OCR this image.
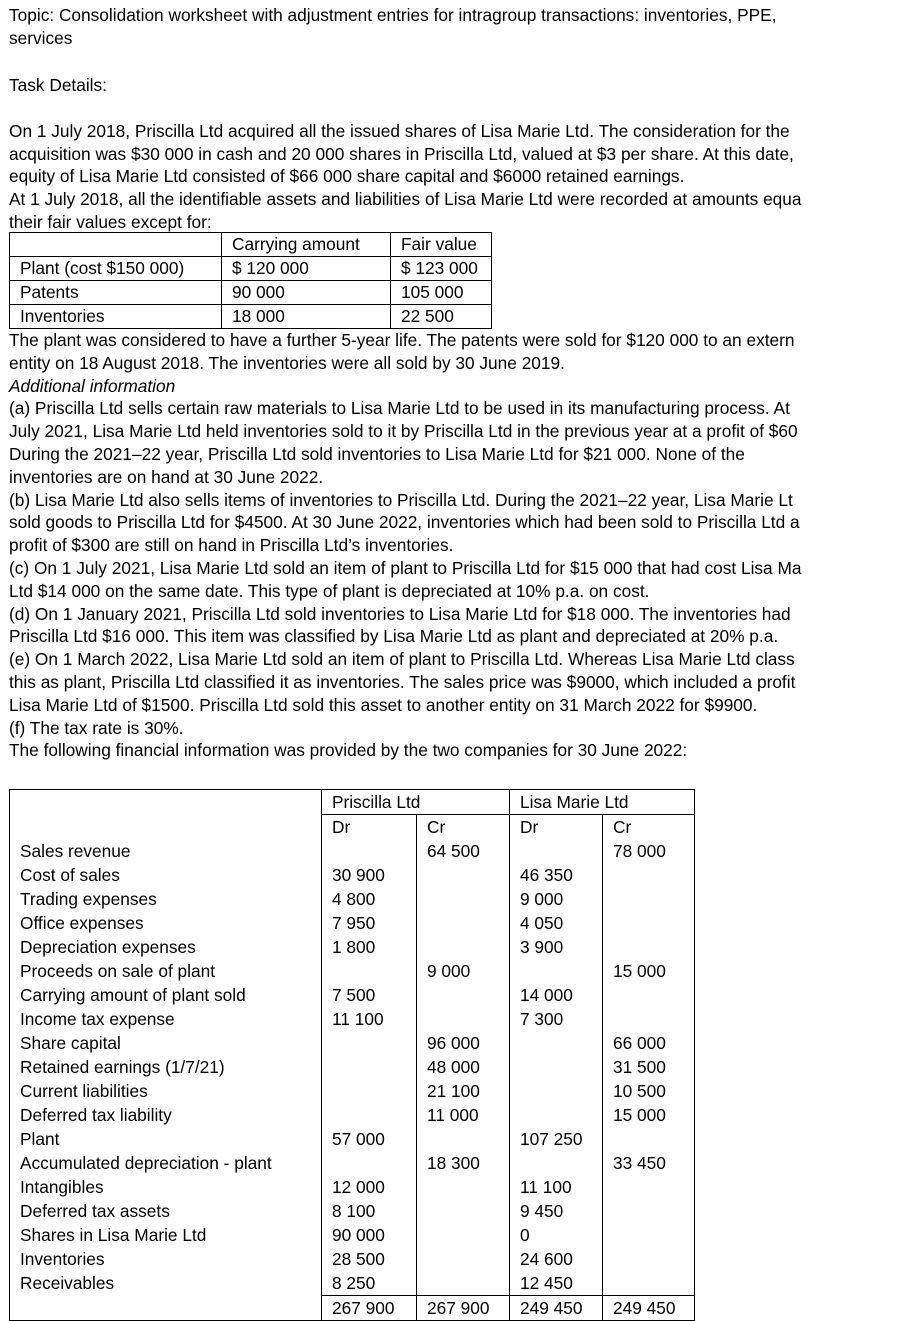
Topic: Consolidation worksheet with adjustment entries for intragroup transactions: inventories, PPE,
services
Task Details:
On 1 July 2018, Priscilla Ltd acquired all the issued shares of Lisa Marie Ltd. The consideration for the
acquisition was $30 000 in cash and 20 000 shares in Priscilla Ltd, valued at $3 per share. At this date,
equity of Lisa Marie Ltd consisted of $66 000 share capital and $6000 retained earnings.
At 1 July 2018, all the identifiable assets and liabilities of Lisa Marie Ltd were recorded at amounts equa
their fair values except for:
	Carrying amount	Fair value
Plant (cost $150 000)	$ 120 000	$ 123 000
Patents	90 000	105 000
Inventories	18 000	22 500
The plant was considered to have a further 5-year life. The patents were sold for $120 000 to an extern
entity on 18 August 2018. The inventories were all sold by 30 June 2019.
Additional information
(a) Priscilla Ltd sells certain raw materials to Lisa Marie Ltd to be used in its manufacturing process. At
July 2021, Lisa Marie Ltd held inventories sold to it by Priscilla Ltd in the previous year at a profit of $60
During the 2021–22 year, Priscilla Ltd sold inventories to Lisa Marie Ltd for $21 000. None of the
inventories are on hand at 30 June 2022.
(b) Lisa Marie Ltd also sells items of inventories to Priscilla Ltd. During the 2021–22 year, Lisa Marie Lt
sold goods to Priscilla Ltd for $4500. At 30 June 2022, inventories which had been sold to Priscilla Ltd a
profit of $300 are still on hand in Priscilla Ltd’s inventories.
(c) On 1 July 2021, Lisa Marie Ltd sold an item of plant to Priscilla Ltd for $15 000 that had cost Lisa Ma
Ltd $14 000 on the same date. This type of plant is depreciated at 10% p.a. on cost.
(d) On 1 January 2021, Priscilla Ltd sold inventories to Lisa Marie Ltd for $18 000. The inventories had
Priscilla Ltd $16 000. This item was classified by Lisa Marie Ltd as plant and depreciated at 20% p.a.
(e) On 1 March 2022, Lisa Marie Ltd sold an item of plant to Priscilla Ltd. Whereas Lisa Marie Ltd class
this as plant, Priscilla Ltd classified it as inventories. The sales price was $9000, which included a profit
Lisa Marie Ltd of $1500. Priscilla Ltd sold this asset to another entity on 31 March 2022 for $9900.
(f) The tax rate is 30%.
The following financial information was provided by the two companies for 30 June 2022:
	Priscilla Ltd		Lisa Marie Ltd	
	Dr	Cr	Dr	Cr
Sales revenue		64 500		78 000
Cost of sales	30 900		46 350	
Trading expenses	4 800		9 000	
Office expenses	7 950		4 050	
Depreciation expenses	1 800		3 900	
Proceeds on sale of plant		9 000		15 000
Carrying amount of plant sold	7 500		14 000	
Income tax expense	11 100		7 300	
Share capital		96 000		66 000
Retained earnings (1/7/21)		48 000		31 500
Current liabilities		21 100		10 500
Deferred tax liability		11 000		15 000
Plant	57 000		107 250	
Accumulated depreciation - plant		18 300		33 450
Intangibles	12 000		11 100	
Deferred tax assets	8 100		9 450	
Shares in Lisa Marie Ltd	90 000		0	
Inventories	28 500		24 600	
Receivables	8 250		12 450	
	267 900	267 900	249 450	249 450
